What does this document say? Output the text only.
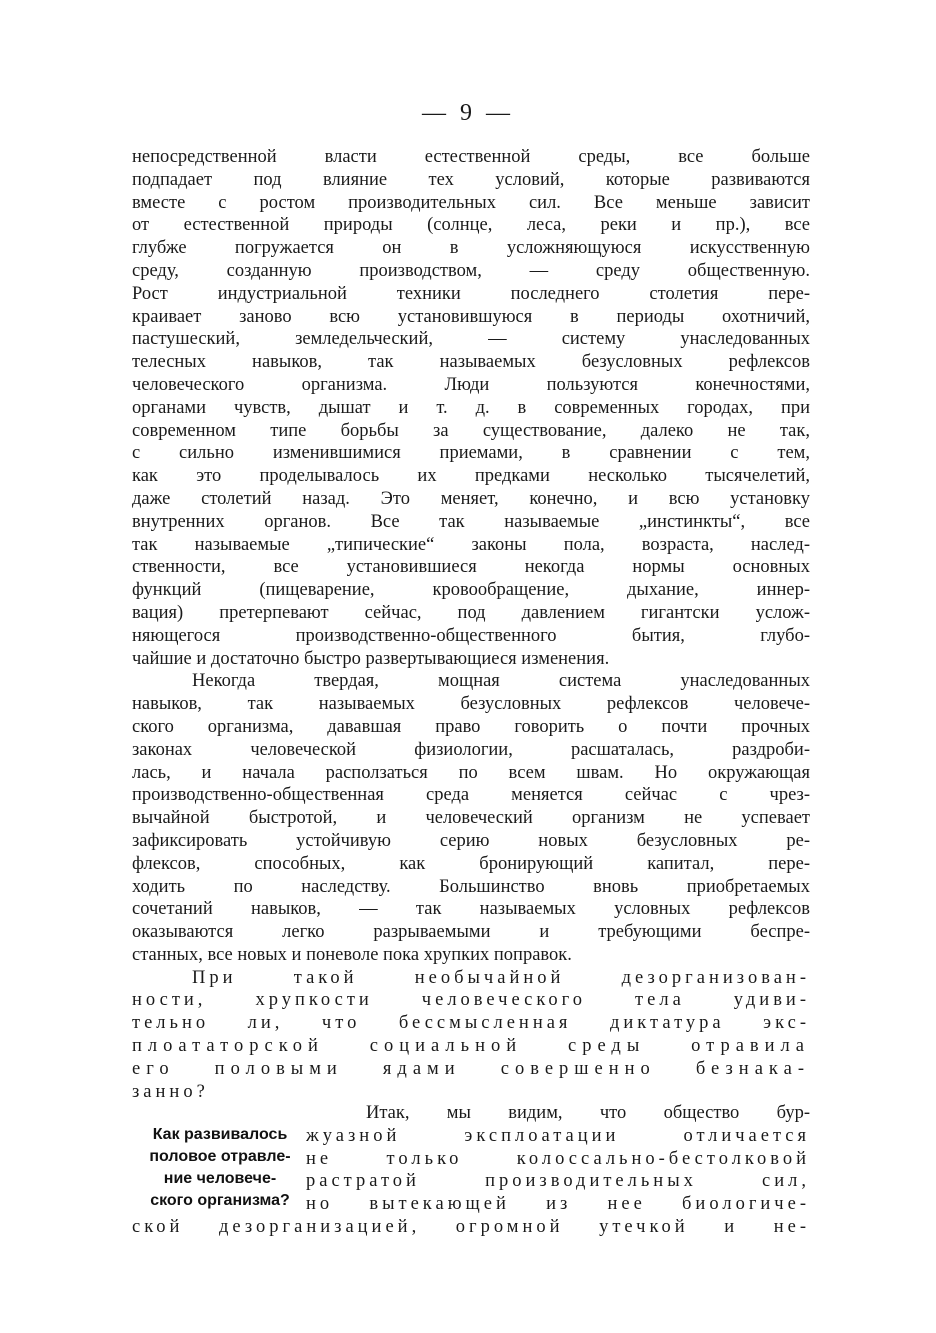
— 9 —
непосредственной власти естественной среды, все больше
подпадает под влияние тех условий, которые развиваются
вместе с ростом производительных сил. Все меньше зависит
от естественной природы (солнце, леса, реки и пр.), все
глубже погружается он в усложняющуюся искусственную
среду, созданную производством, — среду общественную.
Рост индустриальной техники последнего столетия пере-
краивает заново всю установившуюся в периоды охотничий,
пастушеский, земледельческий, — систему унаследованных
телесных навыков, так называемых безусловных рефлексов
человеческого организма. Люди пользуются конечностями,
органами чувств, дышат и т. д. в современных городах, при
современном типе борьбы за существование, далеко не так,
с сильно изменившимися приемами, в сравнении с тем,
как это проделывалось их предками несколько тысячелетий,
даже столетий назад. Это меняет, конечно, и всю установку
внутренних органов. Все так называемые „инстинкты“, все
так называемые „типические“ законы пола, возраста, наслед-
ственности, все установившиеся некогда нормы основных
функций (пищеварение, кровообращение, дыхание, иннер-
вация) претерпевают сейчас, под давлением гигантски услож-
няющегося производственно-общественного бытия, глубо-
чайшие и достаточно быстро развертывающиеся изменения.
Некогда твердая, мощная система унаследованных
навыков, так называемых безусловных рефлексов человече-
ского организма, дававшая право говорить о почти прочных
законах человеческой физиологии, расшаталась, раздроби-
лась, и начала расползаться по всем швам. Но окружающая
производственно-общественная среда меняется сейчас с чрез-
вычайной быстротой, и человеческий организм не успевает
зафиксировать устойчивую серию новых безусловных ре-
флексов, способных, как бронирующий капитал, пере-
ходить по наследству. Большинство вновь приобретаемых
сочетаний навыков, — так называемых условных рефлексов
оказываются легко разрываемыми и требующими беспре-
станных, все новых и поневоле пока хрупких поправок.
При такой необычайной дезорганизован-
ности, хрупкости человеческого тела удиви-
тельно ли, что бессмысленная диктатура экс-
плоататорской социальной среды отравила
его половыми ядами совершенно безнака-
занно?
Как развивалось
половое отравле-
ние человече-
ского организма?
Итак, мы видим, что общество бур-
жуазной эксплоатации отличается
не только колоссально-бестолковой
растратой производительных сил,
но вытекающей из нее биологиче-
ской дезорганизацией, огромной утечкой и не-
